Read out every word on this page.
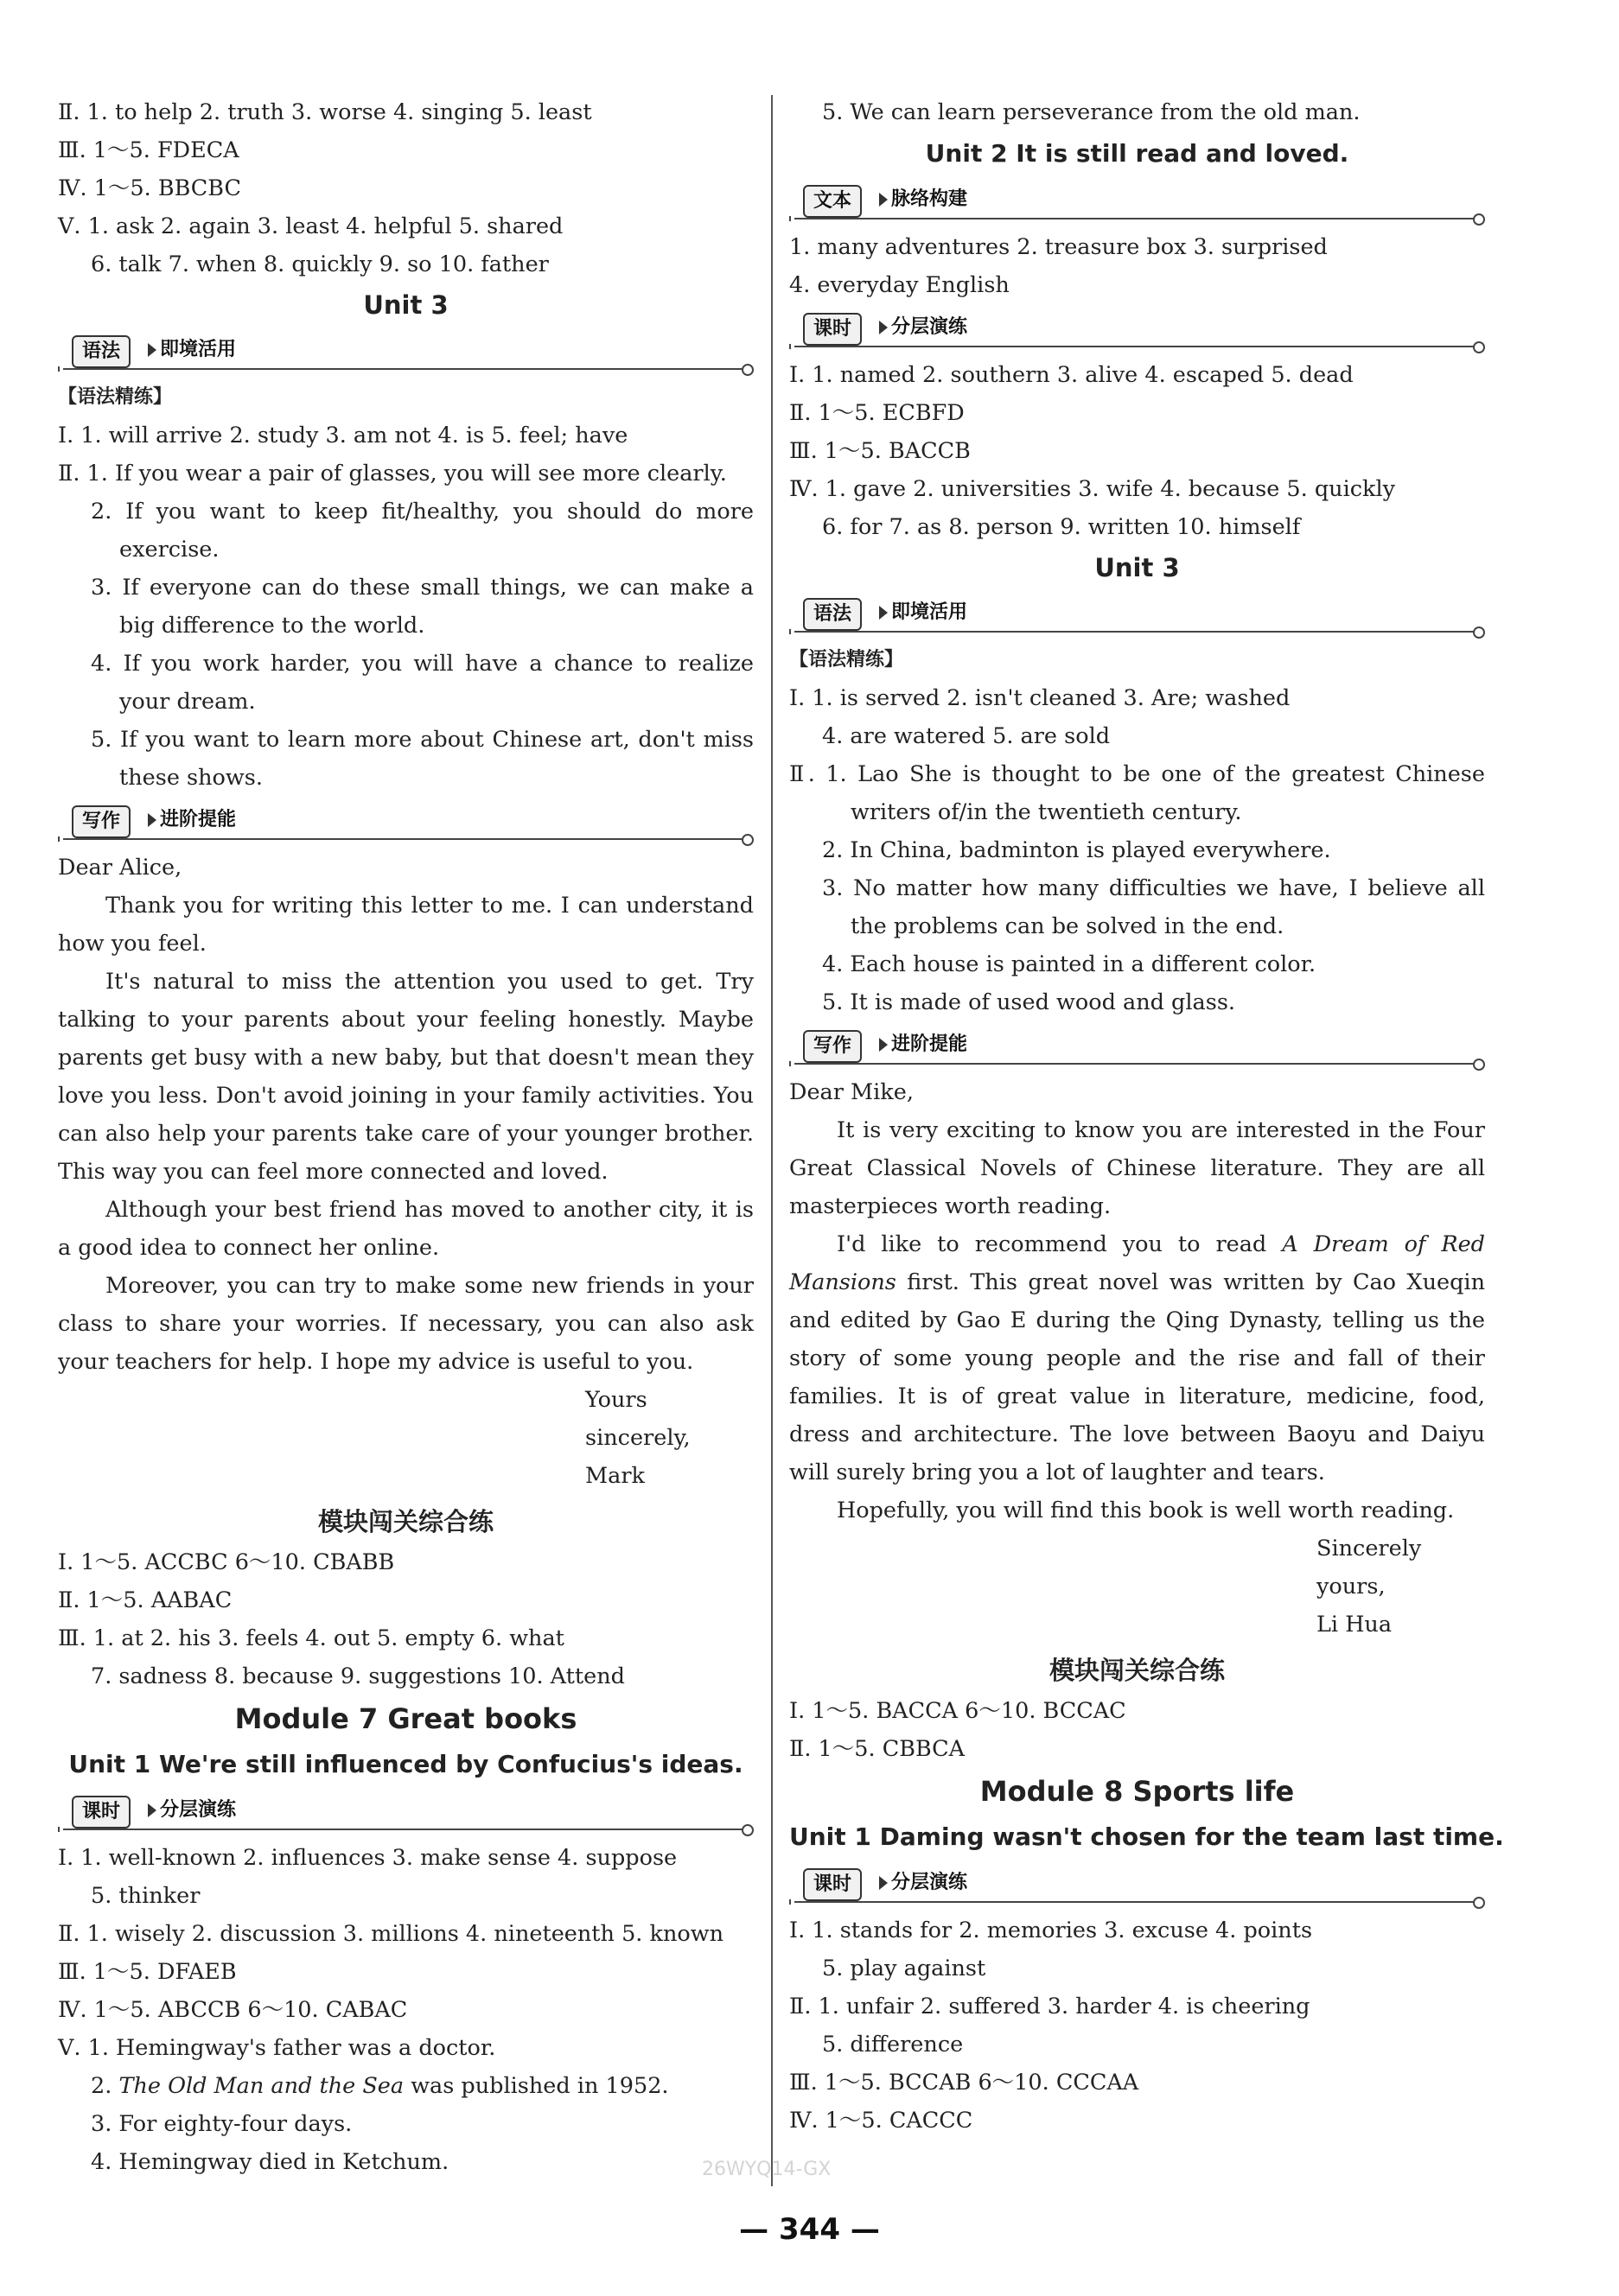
Ⅱ. 1. to help 2. truth 3. worse 4. singing 5. least

Ⅲ. 1～5. FDECA

Ⅳ. 1～5. BBCBC

Ⅴ. 1. ask 2. again 3. least 4. helpful 5. shared

6. talk 7. when 8. quickly 9. so 10. father

Unit 3

语法	即境活用

【语法精练】

Ⅰ. 1. will arrive 2. study 3. am not 4. is 5. feel; have

Ⅱ. 1. If you wear a pair of glasses, you will see more clearly.

2. If you want to keep fit/healthy, you should do more exercise.

3. If everyone can do these small things, we can make a big difference to the world.

4. If you work harder, you will have a chance to realize your dream.

5. If you want to learn more about Chinese art, don't miss these shows.

写作	进阶提能

Dear Alice,

Thank you for writing this letter to me. I can understand how you feel.

It's natural to miss the attention you used to get. Try talking to your parents about your feeling honestly. Maybe parents get busy with a new baby, but that doesn't mean they love you less. Don't avoid joining in your family activities. You can also help your parents take care of your younger brother. This way you can feel more connected and loved.

Although your best friend has moved to another city, it is a good idea to connect her online.

Moreover, you can try to make some new friends in your class to share your worries. If necessary, you can also ask your teachers for help. I hope my advice is useful to you.

Yours sincerely,

Mark

模块闯关综合练

Ⅰ. 1～5. ACCBC 6～10. CBABB

Ⅱ. 1～5. AABAC

Ⅲ. 1. at 2. his 3. feels 4. out 5. empty 6. what

7. sadness 8. because 9. suggestions 10. Attend

Module 7 Great books

Unit 1 We're still influenced by Confucius's ideas.

课时	分层演练

Ⅰ. 1. well-known 2. influences 3. make sense 4. suppose

5. thinker

Ⅱ. 1. wisely 2. discussion 3. millions 4. nineteenth 5. known

Ⅲ. 1～5. DFAEB

Ⅳ. 1～5. ABCCB 6～10. CABAC

Ⅴ. 1. Hemingway's father was a doctor.

2. The Old Man and the Sea was published in 1952.

3. For eighty-four days.

4. Hemingway died in Ketchum.

5. We can learn perseverance from the old man.

Unit 2 It is still read and loved.

文本	脉络构建

1. many adventures 2. treasure box 3. surprised

4. everyday English

课时	分层演练

Ⅰ. 1. named 2. southern 3. alive 4. escaped 5. dead

Ⅱ. 1～5. ECBFD

Ⅲ. 1～5. BACCB

Ⅳ. 1. gave 2. universities 3. wife 4. because 5. quickly

6. for 7. as 8. person 9. written 10. himself

Unit 3

语法	即境活用

【语法精练】

Ⅰ. 1. is served 2. isn't cleaned 3. Are; washed

4. are watered 5. are sold

Ⅱ. 1. Lao She is thought to be one of the greatest Chinese writers of/in the twentieth century.

2. In China, badminton is played everywhere.

3. No matter how many difficulties we have, I believe all the problems can be solved in the end.

4. Each house is painted in a different color.

5. It is made of used wood and glass.

写作	进阶提能

Dear Mike,

It is very exciting to know you are interested in the Four Great Classical Novels of Chinese literature. They are all masterpieces worth reading.

I'd like to recommend you to read A Dream of Red Mansions first. This great novel was written by Cao Xueqin and edited by Gao E during the Qing Dynasty, telling us the story of some young people and the rise and fall of their families. It is of great value in literature, medicine, food, dress and architecture. The love between Baoyu and Daiyu will surely bring you a lot of laughter and tears.

Hopefully, you will find this book is well worth reading.

Sincerely yours,

Li Hua

模块闯关综合练

Ⅰ. 1～5. BACCA 6～10. BCCAC

Ⅱ. 1～5. CBBCA

Module 8 Sports life

Unit 1 Daming wasn't chosen for the team last time.

课时	分层演练

Ⅰ. 1. stands for 2. memories 3. excuse 4. points

5. play against

Ⅱ. 1. unfair 2. suffered 3. harder 4. is cheering

5. difference

Ⅲ. 1～5. BCCAB 6～10. CCCAA

Ⅳ. 1～5. CACCC

26WYQ14-GX
— 344 —
